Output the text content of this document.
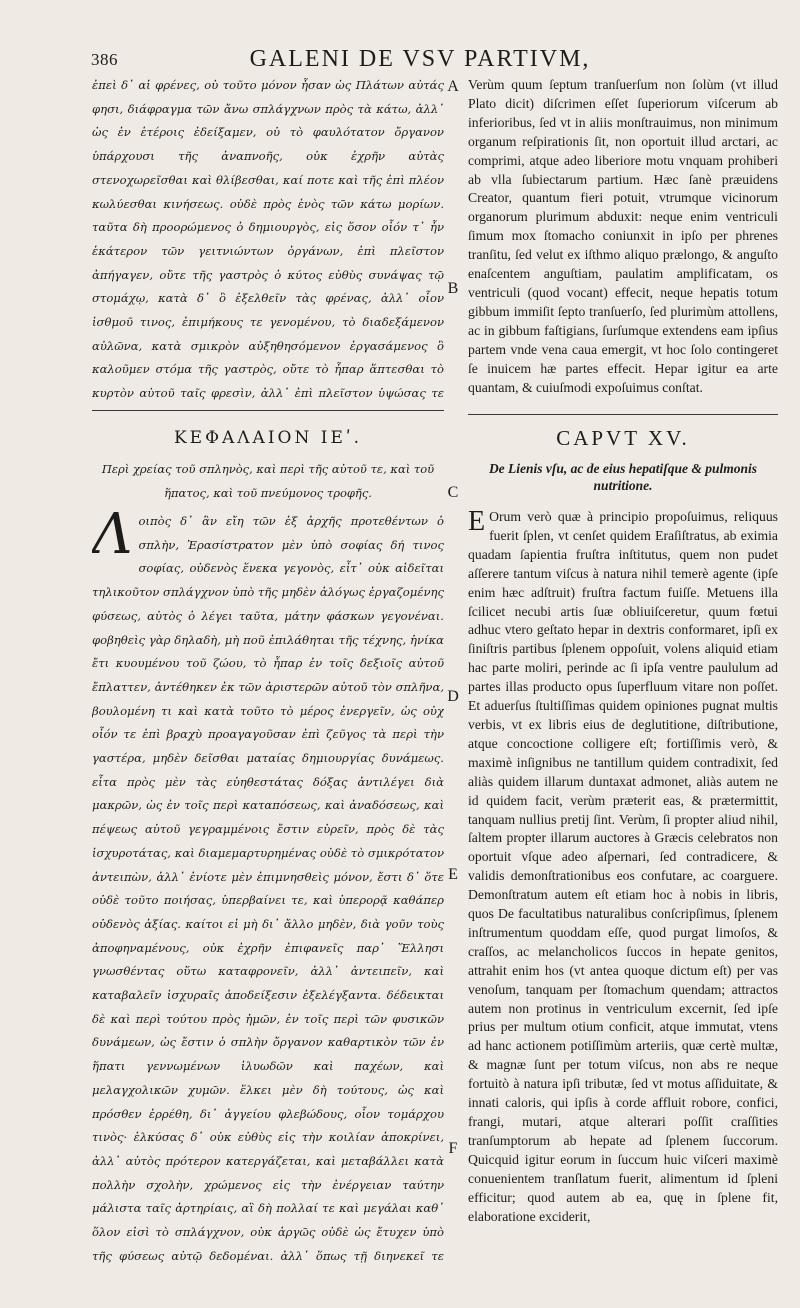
386	GALENI DE VSV PARTIVM,

ἐπεὶ δ᾽ αἱ φρένες, οὐ τοῦτο μόνον ἦσαν ὡς Πλάτων αὐτάς φησι, διάφραγμα τῶν ἄνω σπλάγχνων πρὸς τὰ κάτω, ἀλλ᾽ ὡς ἐν ἑτέροις ἐδείξαμεν, οὐ τὸ φαυλότατον ὄργανον ὑπάρχουσι τῆς ἀναπνοῆς, οὐκ ἐχρῆν αὐτὰς στενοχωρεῖσθαι καὶ θλίβεσθαι, καί ποτε καὶ τῆς ἐπὶ πλέον κωλύεσθαι κινήσεως. οὐδὲ πρὸς ἑνὸς τῶν κάτω μορίων. ταῦτα δὴ προορώμενος ὁ δημιουργὸς, εἰς ὅσον οἷόν τ᾽ ἦν ἑκάτερον τῶν γειτνιώντων ὀργάνων, ἐπὶ πλεῖστον ἀπήγαγεν, οὔτε τῆς γαστρὸς ὁ κύτος εὐθὺς συνάψας τῷ στομάχῳ, κατὰ δ᾽ ὃ ἐξελθεῖν τὰς φρένας, ἀλλ᾽ οἷον ἰσθμοῦ τινος, ἐπιμήκους τε γενομένου, τὸ διαδεξάμενον αὐλῶνα, κατὰ σμικρὸν αὐξηθησόμενον ἐργασάμενος ὃ καλοῦμεν στόμα τῆς γαστρὸς, οὔτε τὸ ἧπαρ ἅπτεσθαι τὸ κυρτὸν αὐτοῦ ταῖς φρεσὶν, ἀλλ᾽ ἐπὶ πλεῖστον ὑψώσας τε

Verùm quum ſeptum tranſuerſum non ſolùm (vt illud Plato dicit) diſcrimen eſſet ſuperiorum viſcerum ab inferioribus, ſed vt in aliis monſtrauimus, non minimum organum reſpirationis ſit, non oportuit illud arctari, ac comprimi, atque adeo liberiore motu vnquam prohiberi ab vlla ſubiectarum partium. Hæc ſanè præuidens Creator, quantum fieri potuit, vtrumque vicinorum organorum plurimum abduxit: neque enim ventriculi ſimum mox ſtomacho coniunxit in ipſo per phrenes tranſitu, ſed velut ex iſthmo aliquo prælongo, & anguſto enaſcentem anguſtiam, paulatim amplificatam, os ventriculi (quod vocant) effecit, neque hepatis totum gibbum immiſit ſepto tranſuerſo, ſed plurimùm attollens, ac in gibbum faſtigians, ſurſumque extendens eam ipſius partem vnde vena caua emergit, vt hoc ſolo contingeret ſe inuicem hæ partes effecit. Hepar igitur ea arte quantam, & cuiuſmodi expoſuimus conſtat.

A
B
C
D
E
F
ΚΕΦΑΛΑΙΟΝ ΙΕʹ.	CAPVT XV.
Περὶ χρείας τοῦ σπληνὸς, καὶ περὶ τῆς αὐτοῦ τε, καὶ τοῦ ἥπατος, καὶ τοῦ πνεύμονος τροφῆς.
De Lienis vſu, ac de eius hepatiſque & pulmonis nutritione.

Λ οιπὸς δ᾽ ἂν εἴη τῶν ἐξ ἀρχῆς προτεθέντων ὁ σπλὴν, Ἐρασίστρατον μὲν ὑπὸ σοφίας δή τινος σοφίας, οὐδενὸς ἕνεκα γεγονὸς, εἶτ᾽ οὐκ αἰδεῖται τηλικοῦτον σπλάγχνον ὑπὸ τῆς μηδὲν ἀλόγως ἐργαζομένης φύσεως, αὐτὸς ὁ λέγει ταῦτα, μάτην φάσκων γεγονέναι. φοβηθεὶς γὰρ δηλαδὴ, μὴ ποῦ ἐπιλάθηται τῆς τέχνης, ἡνίκα ἔτι κυουμένου τοῦ ζώου, τὸ ἧπαρ ἐν τοῖς δεξιοῖς αὐτοῦ ἔπλαττεν, ἀντέθηκεν ἐκ τῶν ἀριστερῶν αὐτοῦ τὸν σπλῆνα, βουλομένη τι καὶ κατὰ τοῦτο τὸ μέρος ἐνεργεῖν, ὡς οὐχ οἷόν τε ἐπὶ βραχὺ προαγαγοῦσαν ἐπὶ ζεῦγος τὰ περὶ τὴν γαστέρα, μηδὲν δεῖσθαι ματαίας δημιουργίας δυνάμεως. εἶτα πρὸς μὲν τὰς εὐηθεστάτας δόξας ἀντιλέγει διὰ μακρῶν, ὡς ἐν τοῖς περὶ καταπόσεως, καὶ ἀναδόσεως, καὶ πέψεως αὐτοῦ γεγραμμένοις ἔστιν εὑρεῖν, πρὸς δὲ τὰς ἰσχυροτάτας, καὶ διαμεμαρτυρημένας οὐδὲ τὸ σμικρότατον ἀντειπὼν, ἀλλ᾽ ἐνίοτε μὲν ἐπιμνησθεὶς μόνον, ἔστι δ᾽ ὅτε οὐδὲ τοῦτο ποιήσας, ὑπερβαίνει τε, καὶ ὑπερορᾷ καθάπερ οὐδενὸς ἀξίας. καίτοι εἰ μὴ δι᾽ ἄλλο μηδὲν, διὰ γοῦν τοὺς ἀποφηναμένους, οὐκ ἐχρῆν ἐπιφανεῖς παρ᾽ Ἕλλησι γνωσθέντας οὕτω καταφρονεῖν, ἀλλ᾽ ἀντειπεῖν, καὶ καταβαλεῖν ἰσχυραῖς ἀποδείξεσιν ἐξελέγξαντα. δέδεικται δὲ καὶ περὶ τούτου πρὸς ἡμῶν, ἐν τοῖς περὶ τῶν φυσικῶν δυνάμεων, ὡς ἔστιν ὁ σπλὴν ὄργανον καθαρτικὸν τῶν ἐν ἥπατι γεννωμένων ἰλυωδῶν καὶ παχέων, καὶ μελαγχολικῶν χυμῶν. ἕλκει μὲν δὴ τούτους, ὡς καὶ πρόσθεν ἐρρέθη, δι᾽ ἀγγείου φλεβώδους, οἷον τομάρχου τινὸς· ἑλκύσας δ᾽ οὐκ εὐθὺς εἰς τὴν κοιλίαν ἀποκρίνει, ἀλλ᾽ αὐτὸς πρότερον κατεργάζεται, καὶ μεταβάλλει κατὰ πολλὴν σχολὴν, χρώμενος εἰς τὴν ἐνέργειαν ταύτην μάλιστα ταῖς ἀρτηρίαις, αἳ δὴ πολλαί τε καὶ μεγάλαι καθ᾽ ὅλον εἰσὶ τὸ σπλάγχνον, οὐκ ἀργῶς οὐδὲ ὡς ἔτυχεν ὑπὸ τῆς φύσεως αὐτῷ δεδομέναι. ἀλλ᾽ ὅπως τῇ διηνεκεῖ τε

E Orum verò quæ à principio propoſuimus, reliquus fuerit ſplen, vt cenſet quidem Eraſiſtratus, ab eximia quadam ſapientia fruſtra inſtitutus, quem non pudet aſſerere tantum viſcus à natura nihil temerè agente (ipſe enim hæc adſtruit) fruſtra factum fuiſſe. Metuens illa ſcilicet necubi artis ſuæ obliuiſceretur, quum fœtui adhuc vtero geſtato hepar in dextris conformaret, ipſi ex ſiniſtris partibus ſplenem oppoſuit, volens aliquid etiam hac parte moliri, perinde ac ſi ipſa ventre paululum ad partes illas producto opus ſuperfluum vitare non poſſet. Et aduerſus ſtultiſſimas quidem opiniones pugnat multis verbis, vt ex libris eius de deglutitione, diſtributione, atque concoctione colligere eſt; fortiſſimis verò, & maximè inſignibus ne tantillum quidem contradixit, ſed aliàs quidem illarum duntaxat admonet, aliàs autem ne id quidem facit, verùm præterit eas, & prætermittit, tanquam nullius pretij ſint. Verùm, ſi propter aliud nihil, ſaltem propter illarum auctores à Græcis celebratos non oportuit vſque adeo aſpernari, ſed contradicere, & validis demonſtrationibus eos confutare, ac coarguere. Demonſtratum autem eſt etiam hoc à nobis in libris, quos De facultatibus naturalibus conſcripſimus, ſplenem inſtrumentum quoddam eſſe, quod purgat limoſos, & craſſos, ac melancholicos ſuccos in hepate genitos, attrahit enim hos (vt antea quoque dictum eſt) per vas venoſum, tanquam per ſtomachum quendam; attractos autem non protinus in ventriculum excernit, ſed ipſe prius per multum otium conficit, atque immutat, vtens ad hanc actionem potiſſimùm arteriis, quæ certè multæ, & magnæ ſunt per totum viſcus, non abs re neque fortuitò à natura ipſi tributæ, ſed vt motus aſſiduitate, & innati caloris, qui ipſis à corde affluit robore, confici, frangi, mutari, atque alterari poſſit craſſities tranſumptorum ab hepate ad ſplenem ſuccorum. Quicquid igitur eorum in ſuccum huic viſceri maximè conuenientem tranſlatum fuerit, alimentum id ſpleni efficitur; quod autem ab ea, quę in ſplene fit, elaboratione exciderit,
